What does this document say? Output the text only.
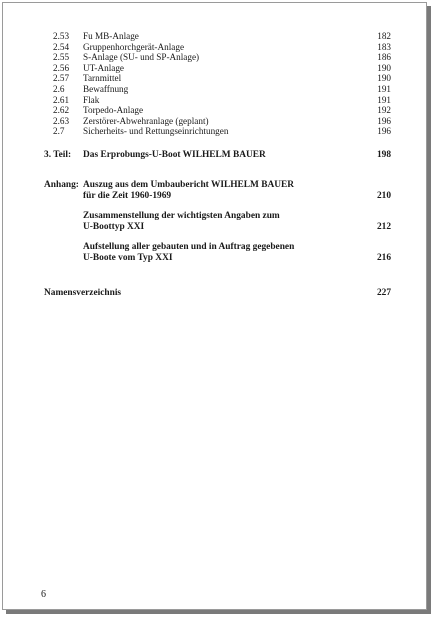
2.53 Fu MB-Anlage	182
2.54 Gruppenhorchgerät-Anlage	183
2.55 S-Anlage (SU- und SP-Anlage)	186
2.56 UT-Anlage	190
2.57 Tarnmittel	190
2.6 Bewaffnung	191
2.61 Flak	191
2.62 Torpedo-Anlage	192
2.63 Zerstörer-Abwehranlage (geplant)	196
2.7 Sicherheits- und Rettungseinrichtungen	196
3. Teil: Das Erprobungs-U-Boot WILHELM BAUER	198
Anhang: Auszug aus dem Umbaubericht WILHELM BAUER
für die Zeit 1960-1969	210
Zusammenstellung der wichtigsten Angaben zum
U-Boottyp XXI	212
Aufstellung aller gebauten und in Auftrag gegebenen
U-Boote vom Typ XXI	216
Namensverzeichnis	227
6
